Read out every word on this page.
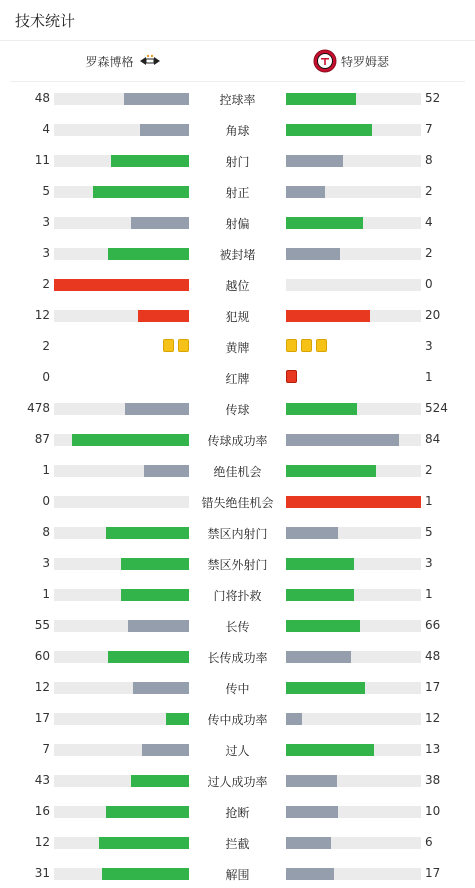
技术统计
罗森博格	特罗姆瑟
48	控球率	52
4	角球	7
11	射门	8
5	射正	2
3	射偏	4
3	被封堵	2
2	越位	0
12	犯规	20
2	黄牌	3
0	红牌	1
478	传球	524
87	传球成功率	84
1	绝佳机会	2
0	错失绝佳机会	1
8	禁区内射门	5
3	禁区外射门	3
1	门将扑救	1
55	长传	66
60	长传成功率	48
12	传中	17
17	传中成功率	12
7	过人	13
43	过人成功率	38
16	抢断	10
12	拦截	6
31	解围	17
